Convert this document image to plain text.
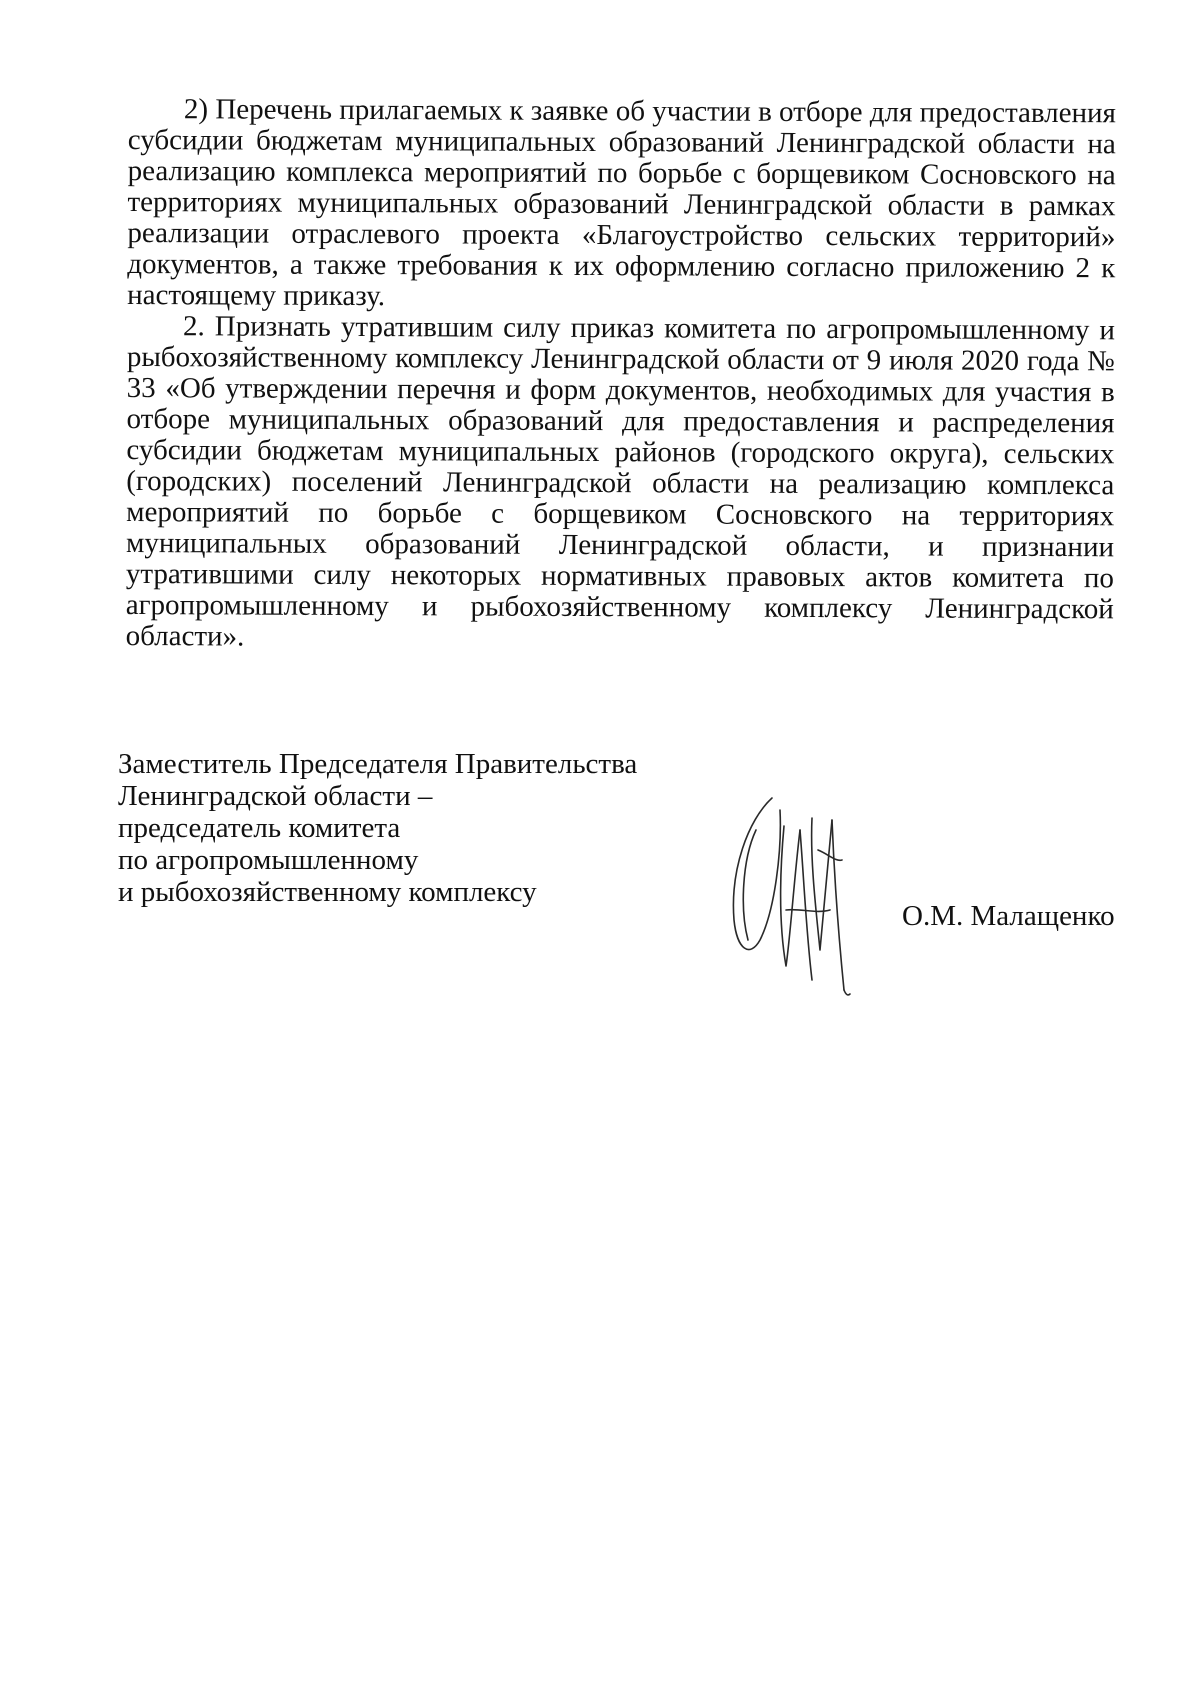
2) Перечень прилагаемых к заявке об участии в отборе для предоставления субсидии бюджетам муниципальных образований Ленинградской области на реализацию комплекса мероприятий по борьбе с борщевиком Сосновского на территориях муниципальных образований Ленинградской области в рамках реализации отраслевого проекта «Благоустройство сельских территорий» документов, а также требования к их оформлению согласно приложению 2 к настоящему приказу.

2. Признать утратившим силу приказ комитета по агропромышленному и рыбохозяйственному комплексу Ленинградской области от 9 июля 2020 года № 33 «Об утверждении перечня и форм документов, необходимых для участия в отборе муниципальных образований для предоставления и распределения субсидии бюджетам муниципальных районов (городского округа), сельских (городских) поселений Ленинградской области на реализацию комплекса мероприятий по борьбе с борщевиком Сосновского на территориях муниципальных образований Ленинградской области, и признании утратившими силу некоторых нормативных правовых актов комитета по агропромышленному и рыбохозяйственному комплексу Ленинградской области».

Заместитель Председателя Правительства
Ленинградской области –
председатель комитета
по агропромышленному
и рыбохозяйственному комплексу
О.М. Малащенко
